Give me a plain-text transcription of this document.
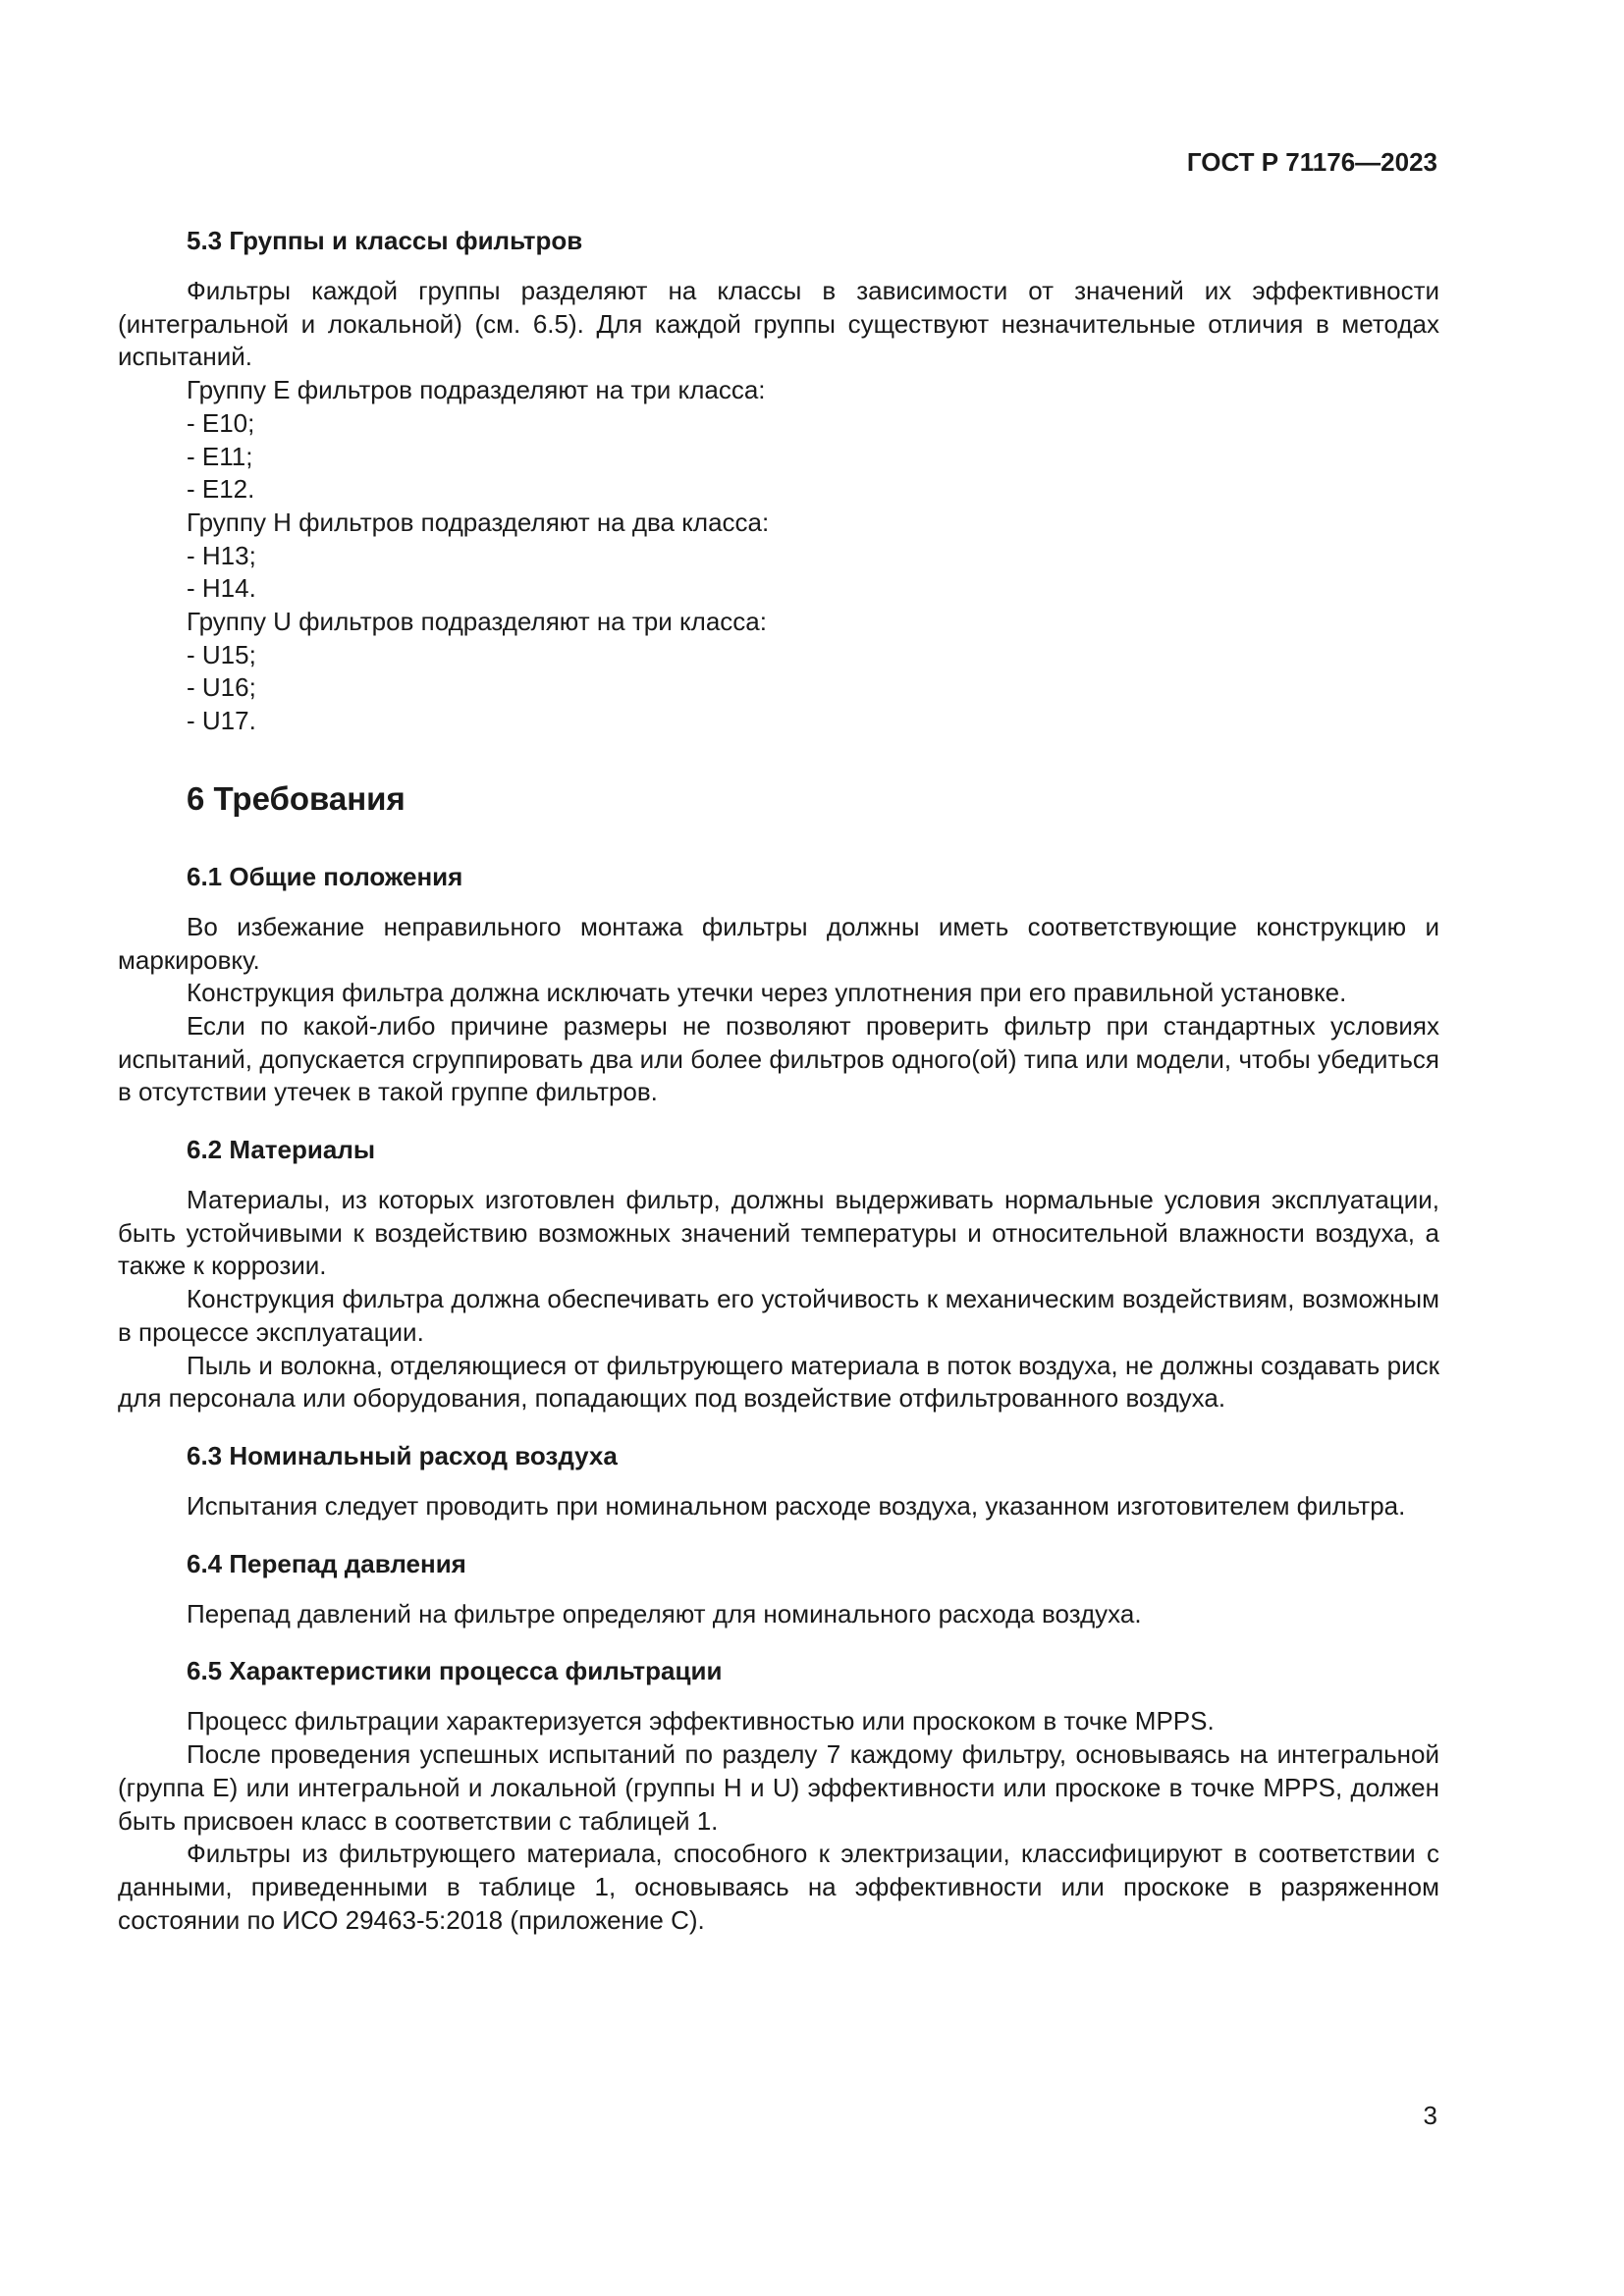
ГОСТ Р 71176—2023
5.3 Группы и классы фильтров

Фильтры каждой группы разделяют на классы в зависимости от значений их эффективности (интегральной и локальной) (см. 6.5). Для каждой группы существуют незначительные отличия в методах испытаний.

Группу E фильтров подразделяют на три класса:

- E10;

- E11;

- E12.

Группу H фильтров подразделяют на два класса:

- H13;

- H14.

Группу U фильтров подразделяют на три класса:

- U15;

- U16;

- U17.

6 Требования
6.1 Общие положения

Во избежание неправильного монтажа фильтры должны иметь соответствующие конструкцию и маркировку.

Конструкция фильтра должна исключать утечки через уплотнения при его правильной установке.

Если по какой-либо причине размеры не позволяют проверить фильтр при стандартных условиях испытаний, допускается сгруппировать два или более фильтров одного(ой) типа или модели, чтобы убедиться в отсутствии утечек в такой группе фильтров.

6.2 Материалы

Материалы, из которых изготовлен фильтр, должны выдерживать нормальные условия эксплуатации, быть устойчивыми к воздействию возможных значений температуры и относительной влажности воздуха, а также к коррозии.

Конструкция фильтра должна обеспечивать его устойчивость к механическим воздействиям, возможным в процессе эксплуатации.

Пыль и волокна, отделяющиеся от фильтрующего материала в поток воздуха, не должны создавать риск для персонала или оборудования, попадающих под воздействие отфильтрованного воздуха.

6.3 Номинальный расход воздуха

Испытания следует проводить при номинальном расходе воздуха, указанном изготовителем фильтра.

6.4 Перепад давления

Перепад давлений на фильтре определяют для номинального расхода воздуха.

6.5 Характеристики процесса фильтрации

Процесс фильтрации характеризуется эффективностью или проскоком в точке MPPS.

После проведения успешных испытаний по разделу 7 каждому фильтру, основываясь на интегральной (группа E) или интегральной и локальной (группы H и U) эффективности или проскоке в точке MPPS, должен быть присвоен класс в соответствии с таблицей 1.

Фильтры из фильтрующего материала, способного к электризации, классифицируют в соответствии с данными, приведенными в таблице 1, основываясь на эффективности или проскоке в разряженном состоянии по ИСО 29463-5:2018 (приложение С).

3
